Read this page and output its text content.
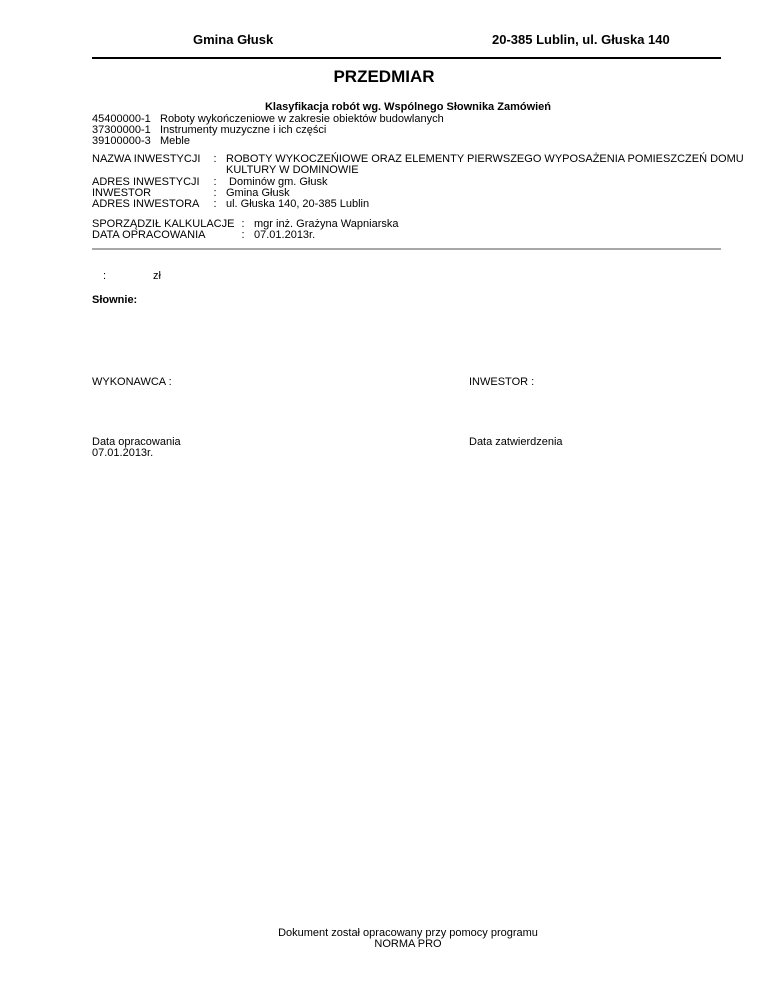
Gmina Głusk	20-385 Lublin, ul. Głuska 140
PRZEDMIAR
Klasyfikacja robót wg. Wspólnego Słownika Zamówień
45400000-1 Roboty wykończeniowe w zakresie obiektów budowlanych
37300000-1 Instrumenty muzyczne i ich części
39100000-3 Meble
NAZWA INWESTYCJI : ROBOTY WYKOCZEŃIOWE ORAZ ELEMENTY PIERWSZEGO WYPOSAŻENIA POMIESZCZEŃ DOMU
KULTURY W DOMINOWIE
ADRES INWESTYCJI : Dominów gm. Głusk
INWESTOR	: Gmina Głusk
ADRES INWESTORA : ul. Głuska 140, 20-385 Lublin
SPORZĄDZIŁ KALKULACJE : mgr inż. Grażyna Wapniarska
DATA OPRACOWANIA	: 07.01.2013r.
:	zł
Słownie:
WYKONAWCA :	INWESTOR :
Data opracowania
07.01.2013r.
Data zatwierdzenia
Dokument został opracowany przy pomocy programu
NORMA PRO
